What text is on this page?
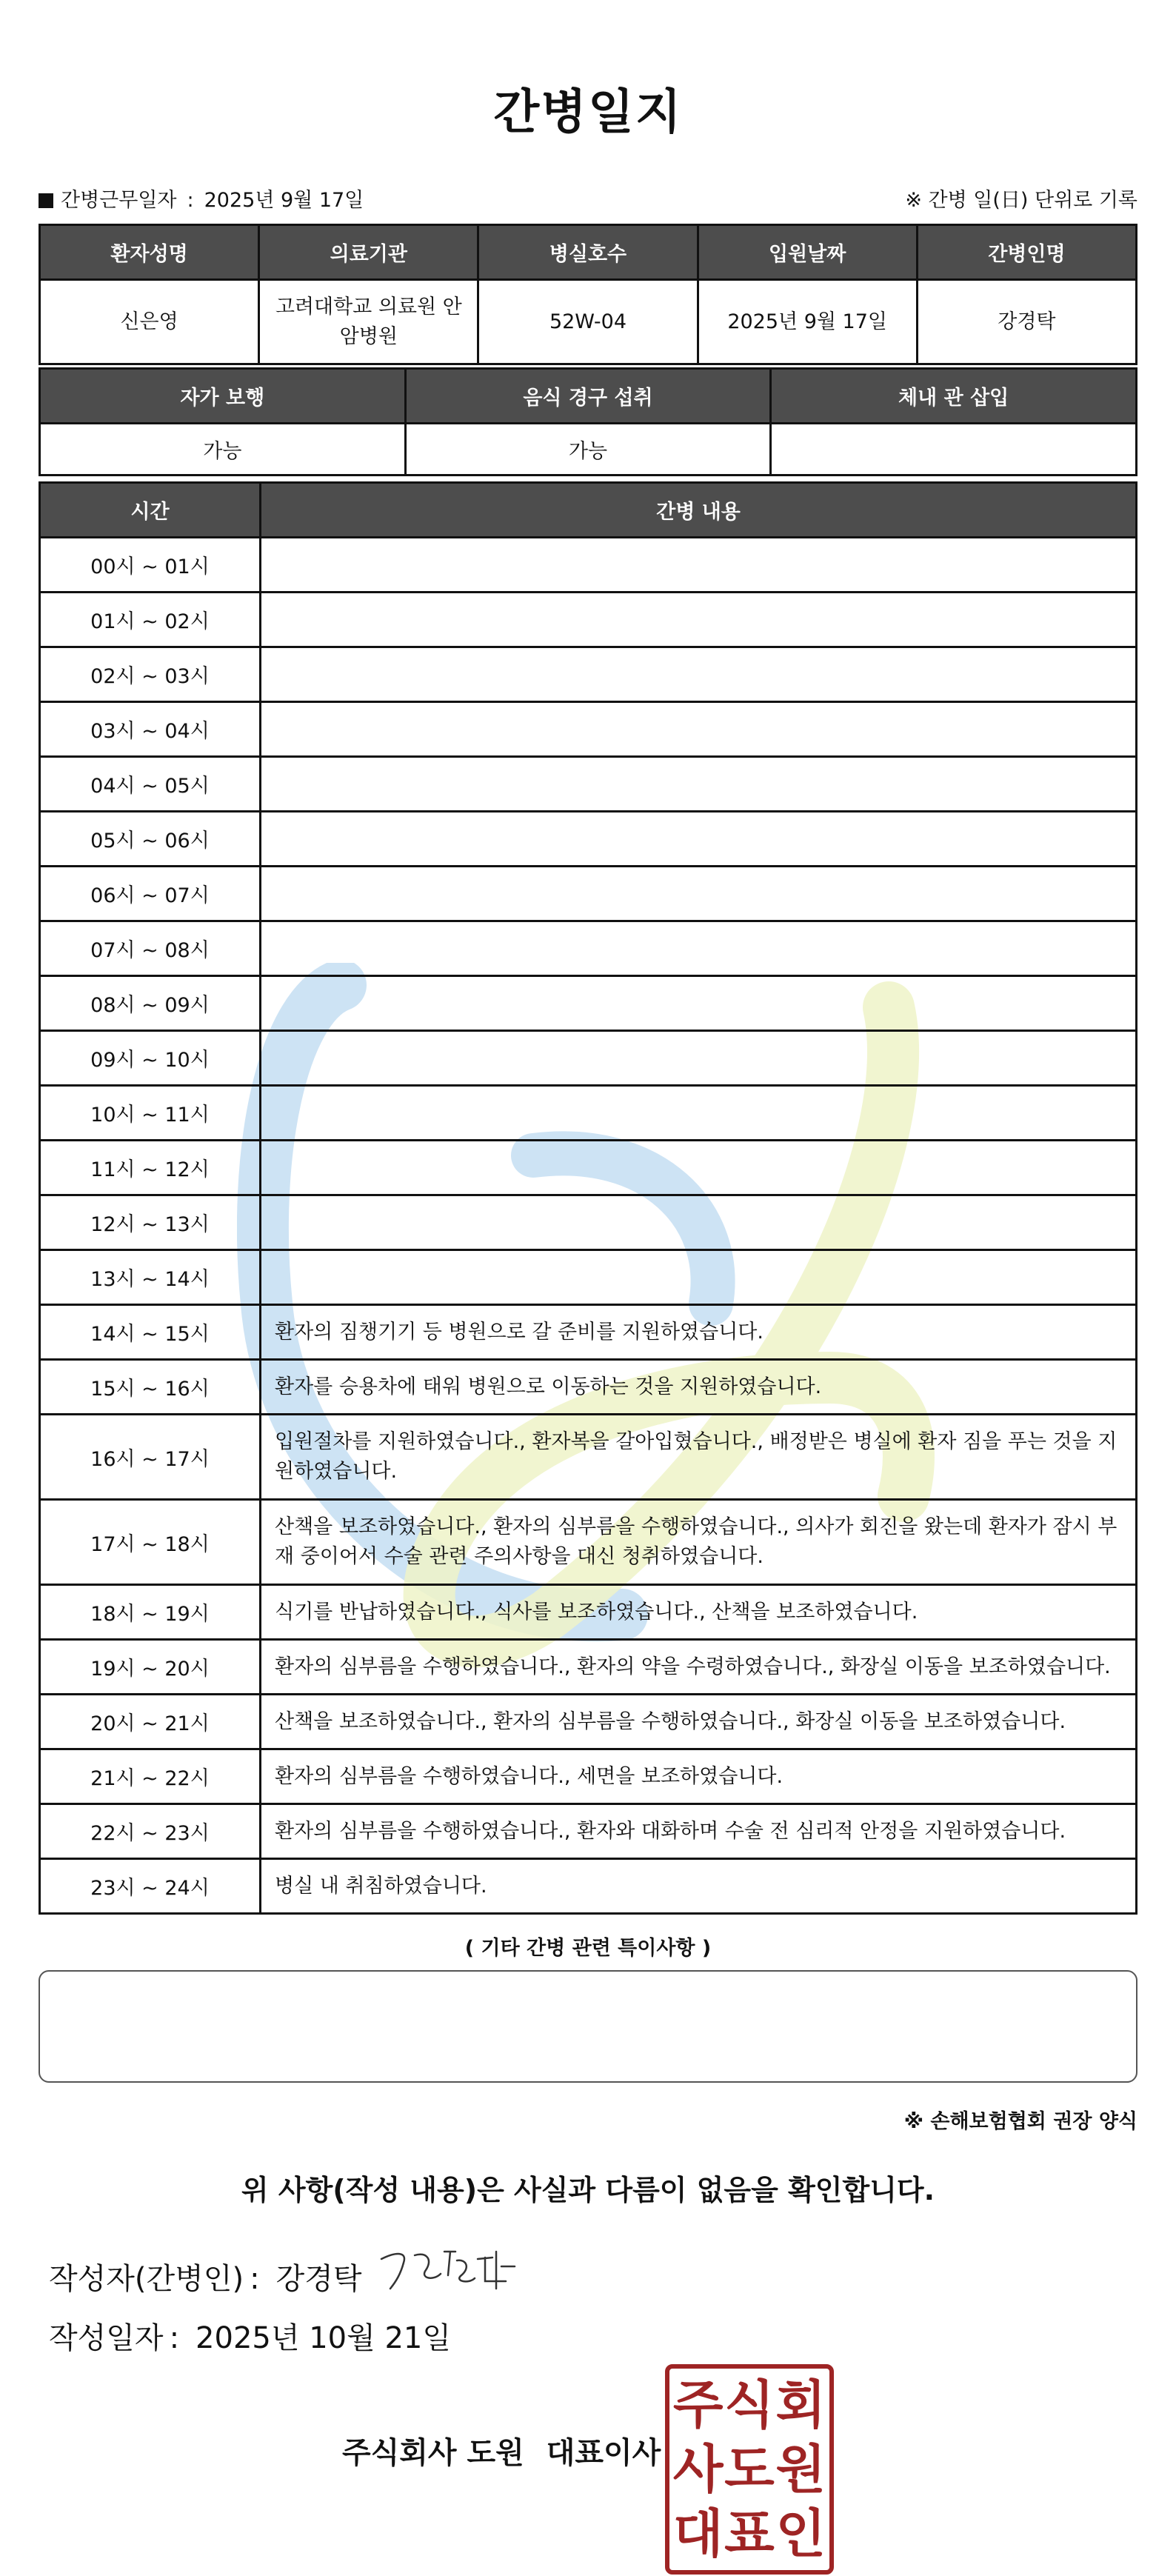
간병일지
간병근무일자 : 2025년 9월 17일	※ 간병 일(日) 단위로 기록
환자성명	의료기관	병실호수	입원날짜	간병인명
신은영	고려대학교 의료원 안암병원	52W-04	2025년 9월 17일	강경탁
자가 보행	음식 경구 섭취	체내 관 삽입
가능	가능	
시간	간병 내용
00시 ~ 01시	
01시 ~ 02시	
02시 ~ 03시	
03시 ~ 04시	
04시 ~ 05시	
05시 ~ 06시	
06시 ~ 07시	
07시 ~ 08시	
08시 ~ 09시	
09시 ~ 10시	
10시 ~ 11시	
11시 ~ 12시	
12시 ~ 13시	
13시 ~ 14시	
14시 ~ 15시	환자의 짐챙기기 등 병원으로 갈 준비를 지원하였습니다.
15시 ~ 16시	환자를 승용차에 태워 병원으로 이동하는 것을 지원하였습니다.
16시 ~ 17시	입원절차를 지원하였습니다., 환자복을 갈아입혔습니다., 배정받은 병실에 환자 짐을 푸는 것을 지원하였습니다.
17시 ~ 18시	산책을 보조하였습니다., 환자의 심부름을 수행하였습니다., 의사가 회진을 왔는데 환자가 잠시 부재 중이어서 수술 관련 주의사항을 대신 청취하였습니다.
18시 ~ 19시	식기를 반납하였습니다., 식사를 보조하였습니다., 산책을 보조하였습니다.
19시 ~ 20시	환자의 심부름을 수행하였습니다., 환자의 약을 수령하였습니다., 화장실 이동을 보조하였습니다.
20시 ~ 21시	산책을 보조하였습니다., 환자의 심부름을 수행하였습니다., 화장실 이동을 보조하였습니다.
21시 ~ 22시	환자의 심부름을 수행하였습니다., 세면을 보조하였습니다.
22시 ~ 23시	환자의 심부름을 수행하였습니다., 환자와 대화하며 수술 전 심리적 안정을 지원하였습니다.
23시 ~ 24시	병실 내 취침하였습니다.
( 기타 간병 관련 특이사항 )
※ 손해보험협회 권장 양식
위 사항(작성 내용)은 사실과 다름이 없음을 확인합니다.
작성자(간병인) : 강경탁
작성일자 : 2025년 10월 21일
주식회사 도원 대표이사
주 식 회
사 도 원
대 표 인
